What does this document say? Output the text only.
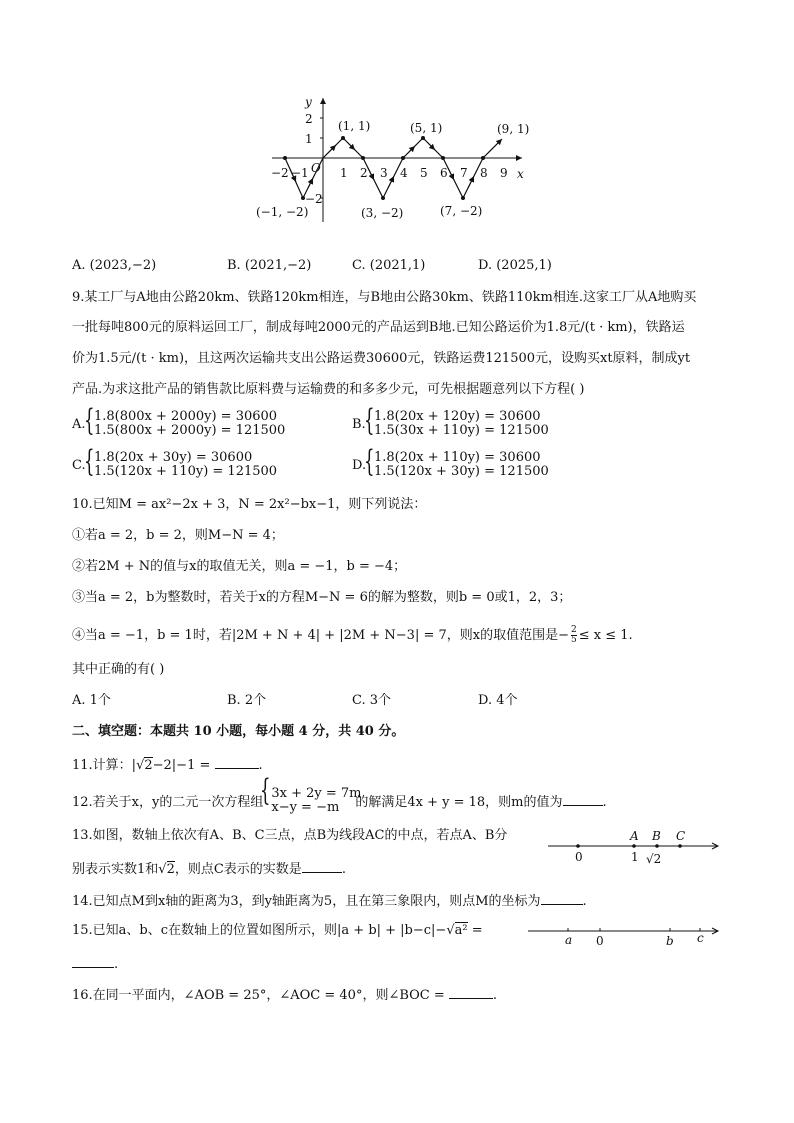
y
x
2
1
−2
O
−2 −1	1 2 3 4 5 6 7 8 9
(1, 1)	(5, 1)	(9, 1)
(−1, −2)	(3, −2)	(7, −2)
A. (2023,−2)	B. (2021,−2)	C. (2021,1)	D. (2025,1)
9.某工厂与A地由公路20km、铁路120km相连，与B地由公路30km、铁路110km相连.这家工厂从A地购买
一批每吨800元的原料运回工厂，制成每吨2000元的产品运到B地.已知公路运价为1.8元/(t · km)，铁路运
价为1.5元/(t · km)，且这两次运输共支出公路运费30600元，铁路运费121500元，设购买xt原料，制成yt
产品.为求这批产品的销售款比原料费与运输费的和多多少元，可先根据题意列以下方程( )
A.
{ 1.8(800x + 2000y) = 30600
1.5(800x + 2000y) = 121500	B.
{ 1.8(20x + 120y) = 30600
1.5(30x + 110y) = 121500
C.
{ 1.8(20x + 30y) = 30600
1.5(120x + 110y) = 121500	D.
{ 1.8(20x + 110y) = 30600
1.5(120x + 30y) = 121500
10.已知M = ax²−2x + 3，N = 2x²−bx−1，则下列说法：
①若a = 2，b = 2，则M−N = 4；
②若2M + N的值与x的取值无关，则a = −1，b = −4；
③当a = 2，b为整数时，若关于x的方程M−N = 6的解为整数，则b = 0或1，2，3；
④当a = −1，b = 1时，若|2M + N + 4| + |2M + N−3| = 7，则x的取值范围是− $\frac{2}{5} \le x \le 1$.
其中正确的有( )
A. 1个	B. 2个	C. 3个	D. 4个
二、填空题：本题共 10 小题，每小题 4 分，共 40 分。
11.计算：|√2−2|−1 =	.
12.若关于x，y的二元一次方程组
{ 3x + 2y = 7m
x−y = −m 的解满足4x + y = 18，则m的值为	.
13.如图，数轴上依次有A、B、C三点，点B为线段AC的中点，若点A、B分
别表示实数1和√2，则点C表示的实数是	.
A B C
0	1 √2
14.已知点M到x轴的距离为3，到y轴距离为5，且在第三象限内，则点M的坐标为	.
15.已知a、b、c在数轴上的位置如图所示，则|a + b| + |b−c|−√a² =
.
a 0	b c
16.在同一平面内，∠AOB = 25°，∠AOC = 40°，则∠BOC =	.
